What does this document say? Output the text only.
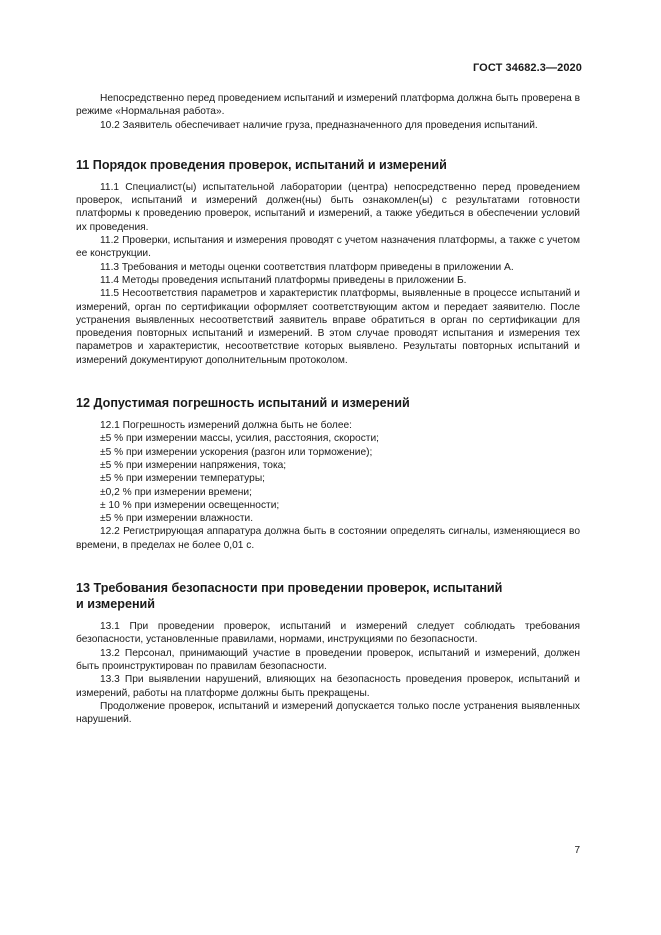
ГОСТ 34682.3—2020

Непосредственно перед проведением испытаний и измерений платформа должна быть проверена в режиме «Нормальная работа».

10.2 Заявитель обеспечивает наличие груза, предназначенного для проведения испытаний.

11 Порядок проведения проверок, испытаний и измерений

11.1 Специалист(ы) испытательной лаборатории (центра) непосредственно перед проведением проверок, испытаний и измерений должен(ны) быть ознакомлен(ы) с результатами готовности платформы к проведению проверок, испытаний и измерений, а также убедиться в обеспечении условий их проведения.

11.2 Проверки, испытания и измерения проводят с учетом назначения платформы, а также с учетом ее конструкции.

11.3 Требования и методы оценки соответствия платформ приведены в приложении А.

11.4 Методы проведения испытаний платформы приведены в приложении Б.

11.5 Несоответствия параметров и характеристик платформы, выявленные в процессе испытаний и измерений, орган по сертификации оформляет соответствующим актом и передает заявителю. После устранения выявленных несоответствий заявитель вправе обратиться в орган по сертификации для проведения повторных испытаний и измерений. В этом случае проводят испытания и измерения тех параметров и характеристик, несоответствие которых выявлено. Результаты повторных испытаний и измерений документируют дополнительным протоколом.

12 Допустимая погрешность испытаний и измерений

12.1 Погрешность измерений должна быть не более:

±5 % при измерении массы, усилия, расстояния, скорости;

±5 % при измерении ускорения (разгон или торможение);

±5 % при измерении напряжения, тока;

±5 % при измерении температуры;

±0,2 % при измерении времени;

± 10 % при измерении освещенности;

±5 % при измерении влажности.

12.2 Регистрирующая аппаратура должна быть в состоянии определять сигналы, изменяющиеся во времени, в пределах не более 0,01 с.

13 Требования безопасности при проведении проверок, испытаний
и измерений

13.1 При проведении проверок, испытаний и измерений следует соблюдать требования безопасности, установленные правилами, нормами, инструкциями по безопасности.

13.2 Персонал, принимающий участие в проведении проверок, испытаний и измерений, должен быть проинструктирован по правилам безопасности.

13.3 При выявлении нарушений, влияющих на безопасность проведения проверок, испытаний и измерений, работы на платформе должны быть прекращены.

Продолжение проверок, испытаний и измерений допускается только после устранения выявленных нарушений.

7
